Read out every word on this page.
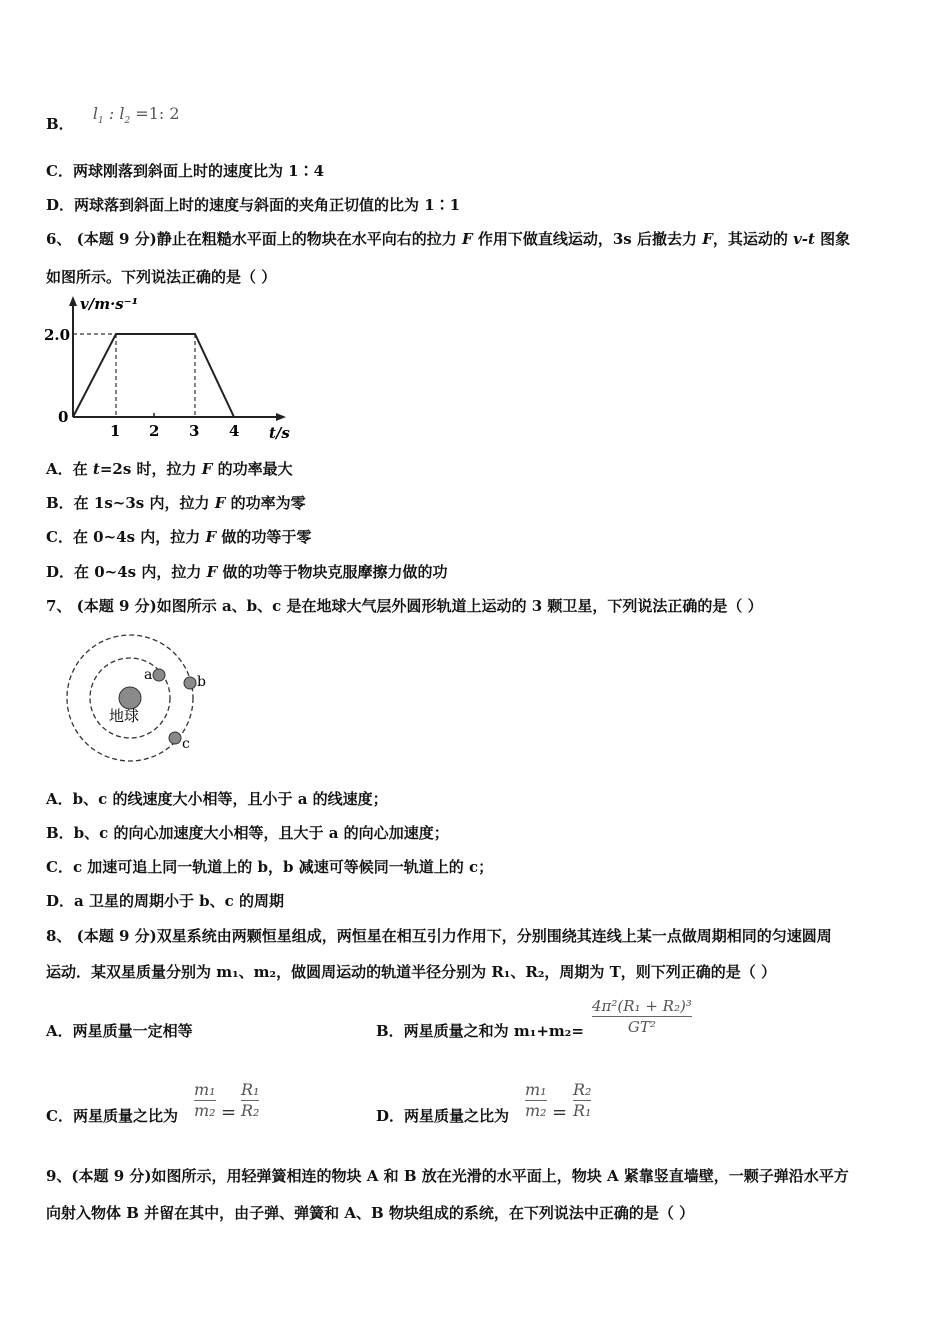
B． $l_1$ : $l_2 =1$: 2
C．两球刚落到斜面上时的速度比为 1∶4
D．两球落到斜面上时的速度与斜面的夹角正切值的比为 1∶1
6、 (本题 9 分)静止在粗糙水平面上的物块在水平向右的拉力 F 作用下做直线运动，3s 后撤去力 F，其运动的 v-t 图象
如图所示。下列说法正确的是（ ）
v/m·s⁻¹
2.0
0
1 2 3 4 t/s
A．在 t=2s 时，拉力 F 的功率最大
B．在 1s~3s 内，拉力 F 的功率为零
C．在 0~4s 内，拉力 F 做的功等于零
D．在 0~4s 内，拉力 F 做的功等于物块克服摩擦力做的功
7、 (本题 9 分)如图所示 a、b、c 是在地球大气层外圆形轨道上运动的 3 颗卫星，下列说法正确的是（ ）
地球
a	b
c
A．b、c 的线速度大小相等，且小于 a 的线速度；
B．b、c 的向心加速度大小相等，且大于 a 的向心加速度；
C．c 加速可追上同一轨道上的 b，b 减速可等候同一轨道上的 c；
D．a 卫星的周期小于 b、c 的周期
8、 (本题 9 分)双星系统由两颗恒星组成，两恒星在相互引力作用下，分别围绕其连线上某一点做周期相同的匀速圆周
运动．某双星质量分别为 m₁、m₂，做圆周运动的轨道半径分别为 R₁、R₂，周期为 T，则下列正确的是（ ）
A．两星质量一定相等	B．两星质量之和为 m₁+m₂=
4π²(R₁ + R₂)³
GT²
C．两星质量之比为
m₁
m₂ =
R₁
R₂	D．两星质量之比为
m₁
m₂ =
R₂
R₁
9、(本题 9 分)如图所示，用轻弹簧相连的物块 A 和 B 放在光滑的水平面上，物块 A 紧靠竖直墙壁，一颗子弹沿水平方
向射入物体 B 并留在其中，由子弹、弹簧和 A、B 物块组成的系统，在下列说法中正确的是（ ）
